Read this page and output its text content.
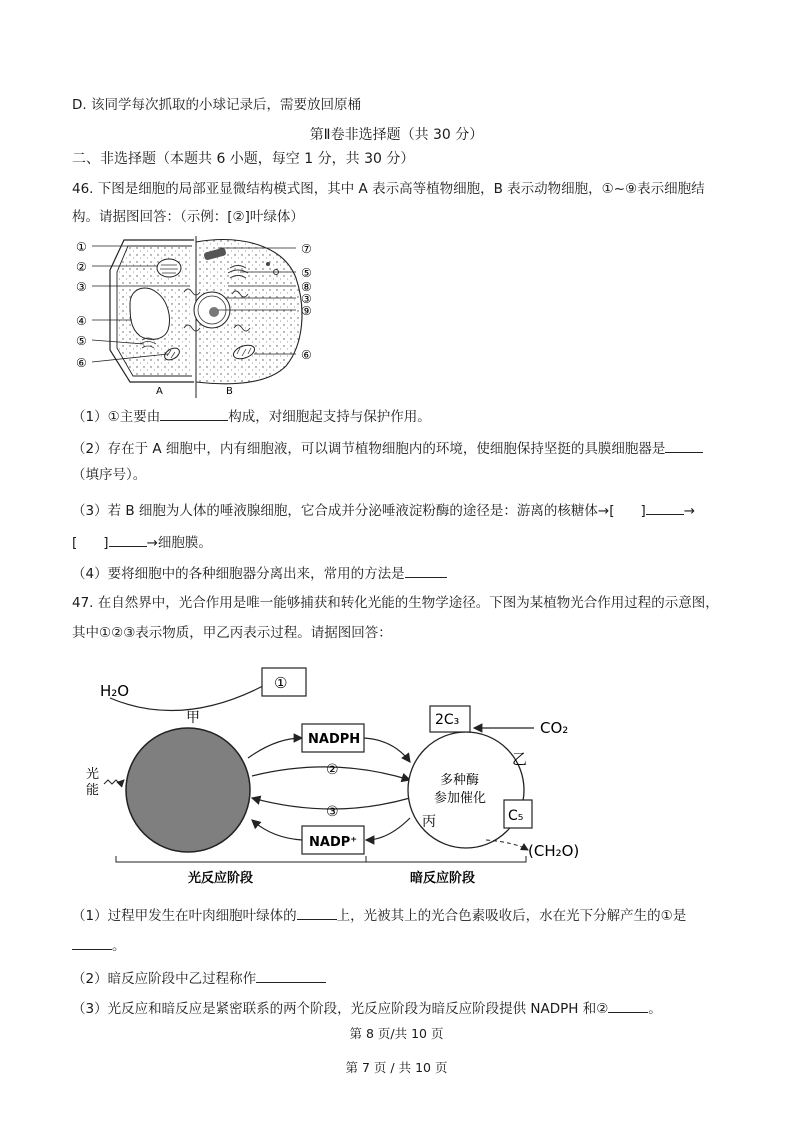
D. 该同学每次抓取的小球记录后，需要放回原桶
第Ⅱ卷非选择题（共 30 分）
二、非选择题（本题共 6 小题，每空 1 分，共 30 分）
46. 下图是细胞的局部亚显微结构模式图，其中 A 表示高等植物细胞，B 表示动物细胞，①~⑨表示细胞结
构。请据图回答：（示例：[②]叶绿体）
①
②
③
④
⑤
⑥
⑦
⑤
⑧
③
⑨
⑥
A	B
（1）①主要由	构成，对细胞起支持与保护作用。
（2）存在于 A 细胞中，内有细胞液，可以调节植物细胞内的环境，使细胞保持坚挺的具膜细胞器是
（填序号）。
（3）若 B 细胞为人体的唾液腺细胞，它合成并分泌唾液淀粉酶的途径是：游离的核糖体→[ ]	→
[ ]	→细胞膜。
（4）要将细胞中的各种细胞器分离出来，常用的方法是
47. 在自然界中，光合作用是唯一能够捕获和转化光能的生物学途径。下图为某植物光合作用过程的示意图，
其中①②③表示物质，甲乙丙表示过程。请据图回答：
H₂O	①
甲
光
能
NADPH
②
③
NADP⁺
2C₃	CO₂
乙
多种酶
参加催化
丙	C₅
(CH₂O)
光反应阶段	暗反应阶段
（1）过程甲发生在叶肉细胞叶绿体的	上，光被其上的光合色素吸收后，水在光下分解产生的①是
。
（2）暗反应阶段中乙过程称作
（3）光反应和暗反应是紧密联系的两个阶段，光反应阶段为暗反应阶段提供 NADPH 和②	。
第 8 页/共 10 页
第 7 页 / 共 10 页
